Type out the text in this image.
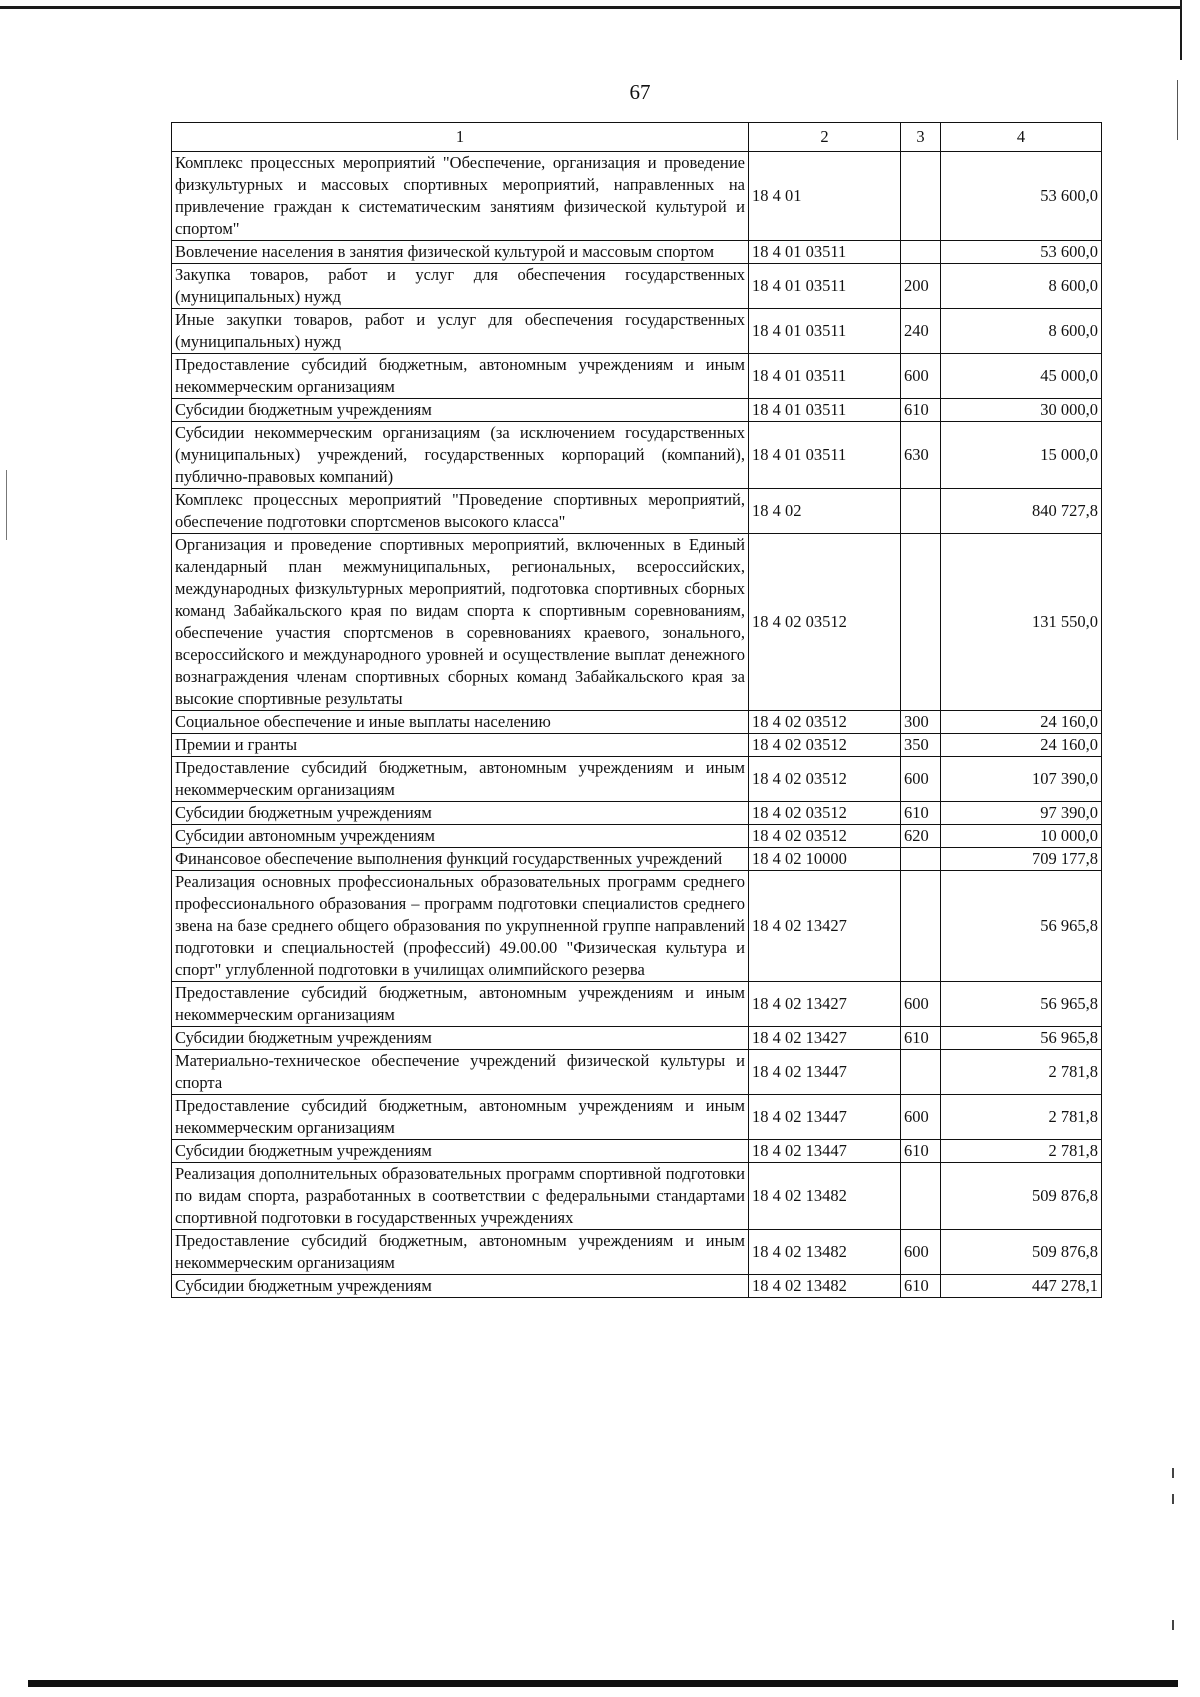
67
1	2	3	4
Комплекс процессных мероприятий "Обеспечение, организация и проведение физкультурных и массовых спортивных мероприятий, направленных на привлечение граждан к систематическим занятиям физической культурой и спортом"	18 4 01		53 600,0
Вовлечение населения в занятия физической культурой и массовым спортом	18 4 01 03511		53 600,0
Закупка товаров, работ и услуг для обеспечения государственных (муниципальных) нужд	18 4 01 03511	200	8 600,0
Иные закупки товаров, работ и услуг для обеспечения государственных (муниципальных) нужд	18 4 01 03511	240	8 600,0
Предоставление субсидий бюджетным, автономным учреждениям и иным некоммерческим организациям	18 4 01 03511	600	45 000,0
Субсидии бюджетным учреждениям	18 4 01 03511	610	30 000,0
Субсидии некоммерческим организациям (за исключением государственных (муниципальных) учреждений, государственных корпораций (компаний), публично-правовых компаний)	18 4 01 03511	630	15 000,0
Комплекс процессных мероприятий "Проведение спортивных мероприятий, обеспечение подготовки спортсменов высокого класса"	18 4 02		840 727,8
Организация и проведение спортивных мероприятий, включенных в Единый календарный план межмуниципальных, региональных, всероссийских, международных физкультурных мероприятий, подготовка спортивных сборных команд Забайкальского края по видам спорта к спортивным соревнованиям, обеспечение участия спортсменов в соревнованиях краевого, зонального, всероссийского и международного уровней и осуществление выплат денежного вознаграждения членам спортивных сборных команд Забайкальского края за высокие спортивные результаты	18 4 02 03512		131 550,0
Социальное обеспечение и иные выплаты населению	18 4 02 03512	300	24 160,0
Премии и гранты	18 4 02 03512	350	24 160,0
Предоставление субсидий бюджетным, автономным учреждениям и иным некоммерческим организациям	18 4 02 03512	600	107 390,0
Субсидии бюджетным учреждениям	18 4 02 03512	610	97 390,0
Субсидии автономным учреждениям	18 4 02 03512	620	10 000,0
Финансовое обеспечение выполнения функций государственных учреждений	18 4 02 10000		709 177,8
Реализация основных профессиональных образовательных программ среднего профессионального образования – программ подготовки специалистов среднего звена на базе среднего общего образования по укрупненной группе направлений подготовки и специальностей (профессий) 49.00.00 "Физическая культура и спорт" углубленной подготовки в училищах олимпийского резерва	18 4 02 13427		56 965,8
Предоставление субсидий бюджетным, автономным учреждениям и иным некоммерческим организациям	18 4 02 13427	600	56 965,8
Субсидии бюджетным учреждениям	18 4 02 13427	610	56 965,8
Материально-техническое обеспечение учреждений физической культуры и спорта	18 4 02 13447		2 781,8
Предоставление субсидий бюджетным, автономным учреждениям и иным некоммерческим организациям	18 4 02 13447	600	2 781,8
Субсидии бюджетным учреждениям	18 4 02 13447	610	2 781,8
Реализация дополнительных образовательных программ спортивной подготовки по видам спорта, разработанных в соответствии с федеральными стандартами спортивной подготовки в государственных учреждениях	18 4 02 13482		509 876,8
Предоставление субсидий бюджетным, автономным учреждениям и иным некоммерческим организациям	18 4 02 13482	600	509 876,8
Субсидии бюджетным учреждениям	18 4 02 13482	610	447 278,1
